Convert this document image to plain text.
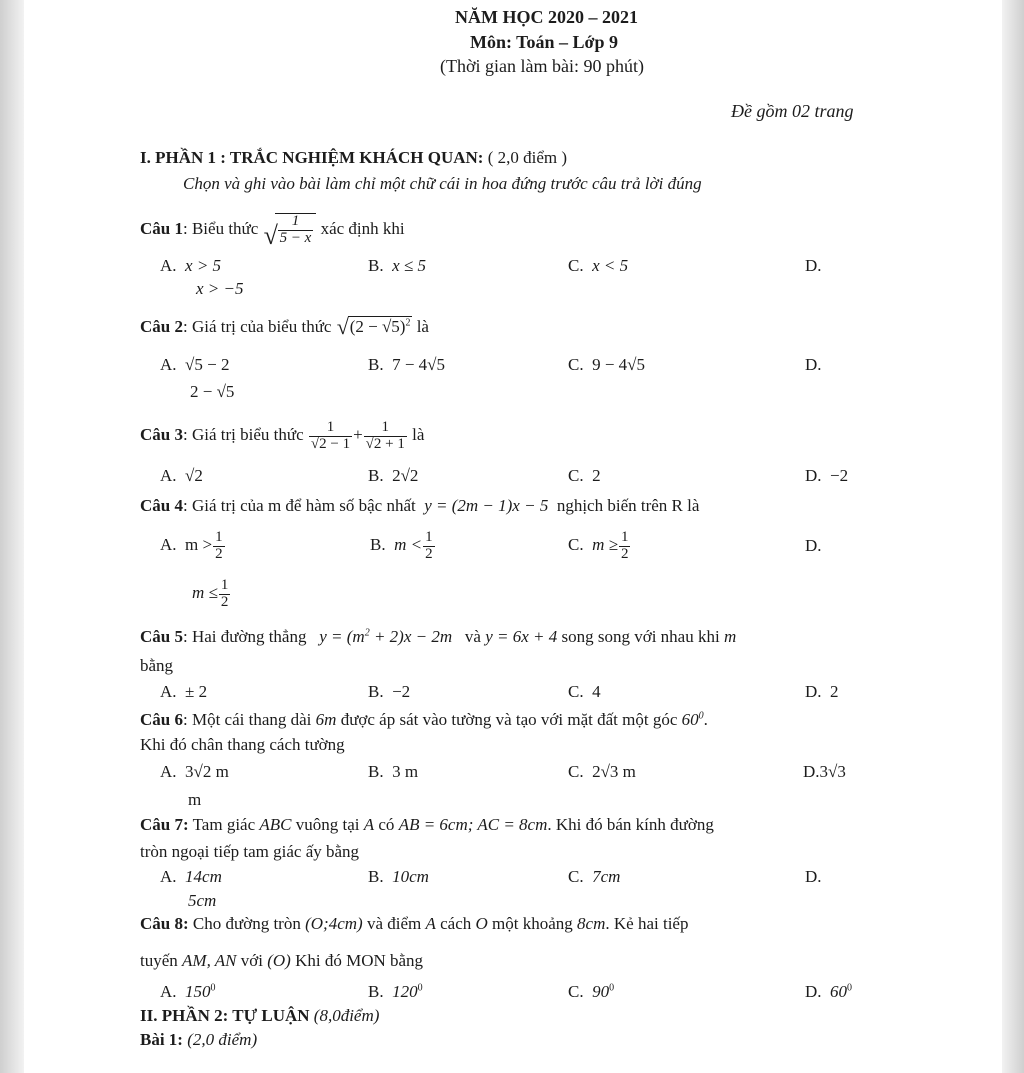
NĂM HỌC 2020 – 2021
Môn: Toán – Lớp 9
(Thời gian làm bài: 90 phút)
Đề gồm 02 trang
I. PHẦN 1 : TRẮC NGHIỆM KHÁCH QUAN: ( 2,0 điểm )
Chọn và ghi vào bài làm chỉ một chữ cái in hoa đứng trước câu trả lời đúng
Câu 1: Biểu thức √ $\frac{1}{5 - x}$ xác định khi
A. x > 5	B. x ≤ 5	C. x < 5	D.
x > −5
Câu 2: Giá trị của biểu thức √ $(2 - √5)^2$ là
A. √5 − 2	B. 7 − 4√5	C. 9 − 4√5	D.
2 − √5
Câu 3: Giá trị biểu thức $\frac{1}{√2 - 1} + \frac{1}{√2 + 1}$ là
A. √2	B. 2√2	C. 2	D. −2
Câu 4: Giá trị của m để hàm số bậc nhất y = (2m − 1)x − 5 nghịch biến trên R là
A. $m > \frac{1}{2}$	B. $m < \frac{1}{2}$	C. $m \ge \frac{1}{2}$	D.
$m \le \frac{1}{2}$
Câu 5: Hai đường thẳng $y = (m^2 + 2)x - 2m$ và y = 6x + 4 song song với nhau khi m
bằng
A. ± 2	B. −2	C. 4	D. 2
Câu 6: Một cái thang dài 6m được áp sát vào tường và tạo với mặt đất một góc $60^0$.
Khi đó chân thang cách tường
A. 3√2 m	B. 3 m	C. 2√3 m	D.3√3
m
Câu 7: Tam giác ABC vuông tại A có AB = 6cm; AC = 8cm. Khi đó bán kính đường
tròn ngoại tiếp tam giác ấy bằng
A. 14cm	B. 10cm	C. 7cm	D.
5cm
Câu 8: Cho đường tròn (O;4cm) và điểm A cách O một khoảng 8cm. Kẻ hai tiếp
tuyến AM, AN với (O) Khi đó MON bằng
A. $150^0$	B. $120^0$	C. $90^0$	D. $60^0$
II. PHẦN 2: TỰ LUẬN (8,0điểm)
Bài 1: (2,0 điểm)
